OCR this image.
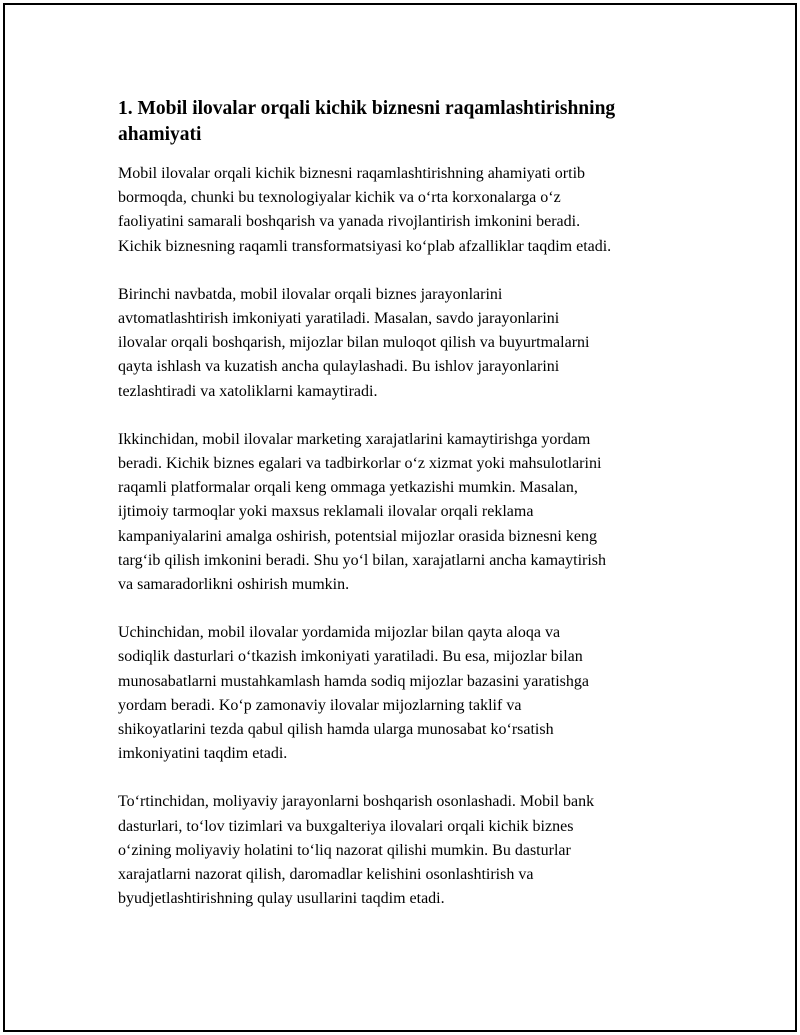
1. Mobil ilovalar orqali kichik biznesni raqamlashtirishning
ahamiyati

Mobil ilovalar orqali kichik biznesni raqamlashtirishning ahamiyati ortib
bormoqda, chunki bu texnologiyalar kichik va o‘rta korxonalarga o‘z
faoliyatini samarali boshqarish va yanada rivojlantirish imkonini beradi.
Kichik biznesning raqamli transformatsiyasi ko‘plab afzalliklar taqdim etadi.

Birinchi navbatda, mobil ilovalar orqali biznes jarayonlarini
avtomatlashtirish imkoniyati yaratiladi. Masalan, savdo jarayonlarini
ilovalar orqali boshqarish, mijozlar bilan muloqot qilish va buyurtmalarni
qayta ishlash va kuzatish ancha qulaylashadi. Bu ishlov jarayonlarini
tezlashtiradi va xatoliklarni kamaytiradi.

Ikkinchidan, mobil ilovalar marketing xarajatlarini kamaytirishga yordam
beradi. Kichik biznes egalari va tadbirkorlar o‘z xizmat yoki mahsulotlarini
raqamli platformalar orqali keng ommaga yetkazishi mumkin. Masalan,
ijtimoiy tarmoqlar yoki maxsus reklamali ilovalar orqali reklama
kampaniyalarini amalga oshirish, potentsial mijozlar orasida biznesni keng
targ‘ib qilish imkonini beradi. Shu yo‘l bilan, xarajatlarni ancha kamaytirish
va samaradorlikni oshirish mumkin.

Uchinchidan, mobil ilovalar yordamida mijozlar bilan qayta aloqa va
sodiqlik dasturlari o‘tkazish imkoniyati yaratiladi. Bu esa, mijozlar bilan
munosabatlarni mustahkamlash hamda sodiq mijozlar bazasini yaratishga
yordam beradi. Ko‘p zamonaviy ilovalar mijozlarning taklif va
shikoyatlarini tezda qabul qilish hamda ularga munosabat ko‘rsatish
imkoniyatini taqdim etadi.

To‘rtinchidan, moliyaviy jarayonlarni boshqarish osonlashadi. Mobil bank
dasturlari, to‘lov tizimlari va buxgalteriya ilovalari orqali kichik biznes
o‘zining moliyaviy holatini to‘liq nazorat qilishi mumkin. Bu dasturlar
xarajatlarni nazorat qilish, daromadlar kelishini osonlashtirish va
byudjetlashtirishning qulay usullarini taqdim etadi.
